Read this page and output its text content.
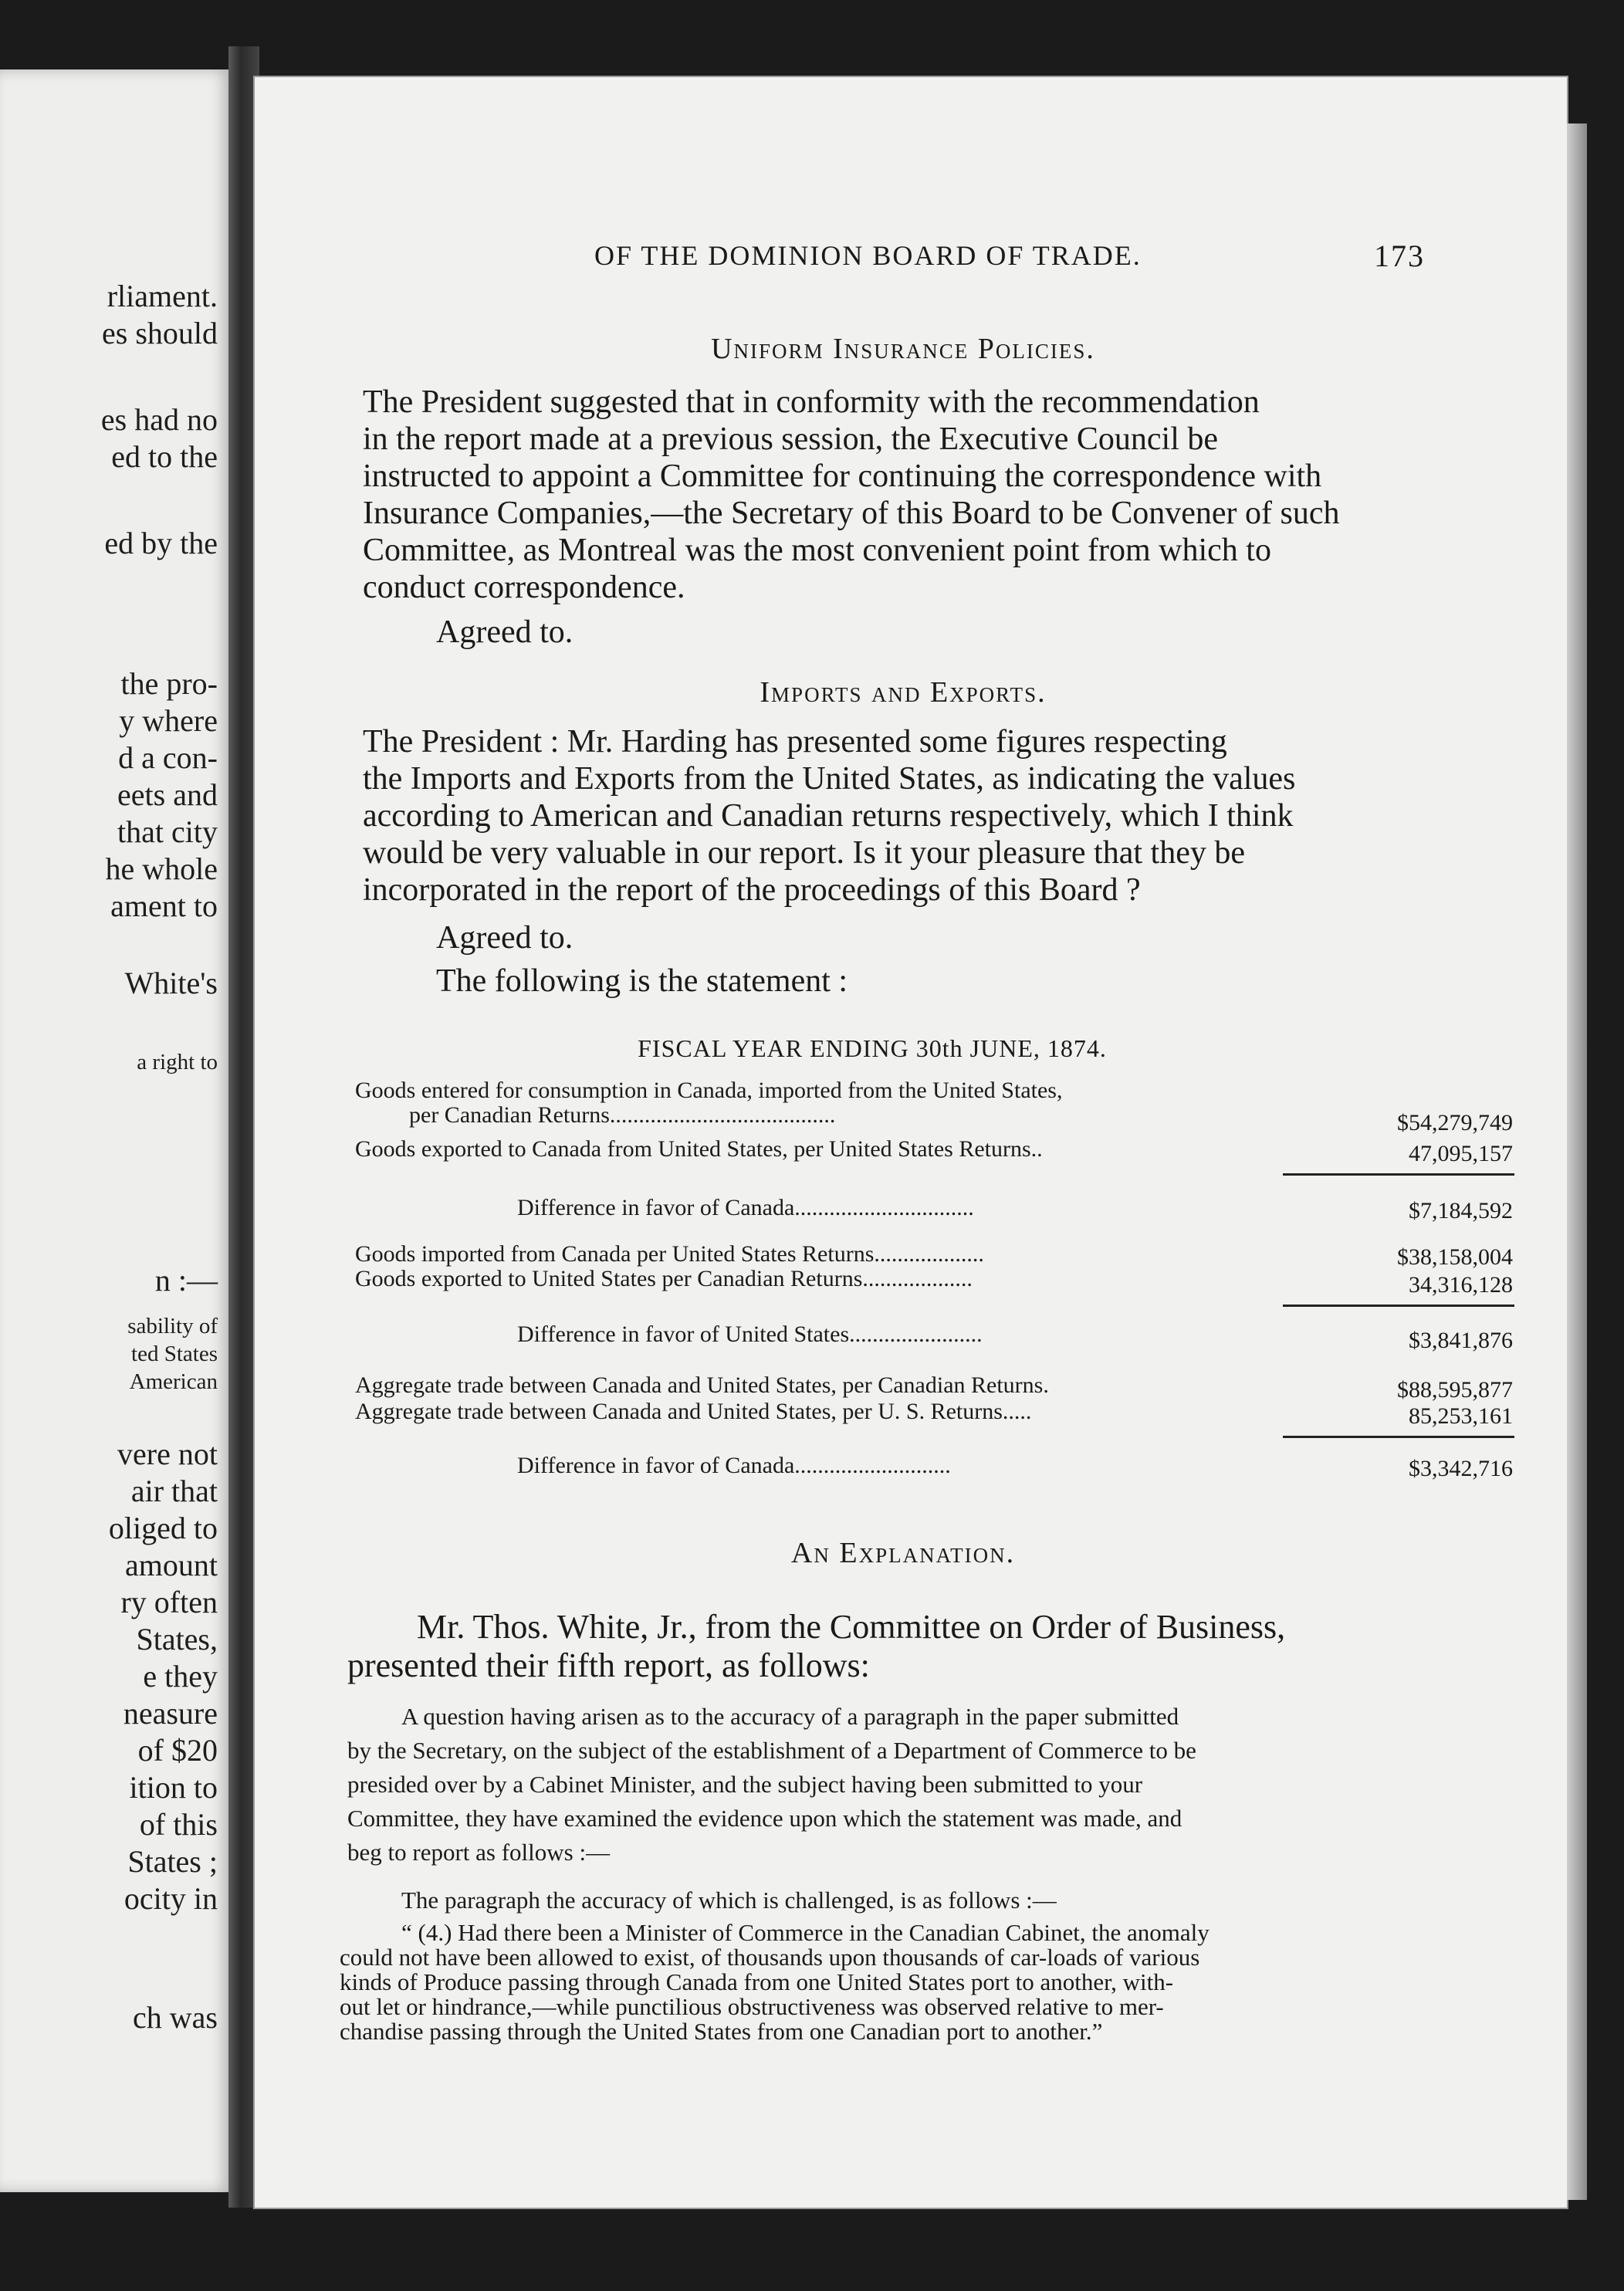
rliament.
es should
es had no
ed to the
ed by the
the pro-
y where
d a con-
eets and
that city
he whole
ament to
White's
a right to
n :—
sability of
ted States
American
vere not
air that
oliged to
amount
ry often
States,
e they
neasure
of $20
ition to
of this
States ;
ocity in
ch was
OF THE DOMINION BOARD OF TRADE.	173
Uniform Insurance Policies.
The President suggested that in conformity with the recommendation
in the report made at a previous session, the Executive Council be
instructed to appoint a Committee for continuing the correspondence with
Insurance Companies,—the Secretary of this Board to be Convener of such
Committee, as Montreal was the most convenient point from which to
conduct correspondence.
Agreed to.
Imports and Exports.
The President : Mr. Harding has presented some figures respecting
the Imports and Exports from the United States, as indicating the values
according to American and Canadian returns respectively, which I think
would be very valuable in our report. Is it your pleasure that they be
incorporated in the report of the proceedings of this Board ?
Agreed to.
The following is the statement :
FISCAL YEAR ENDING 30th JUNE, 1874.
Goods entered for consumption in Canada, imported from the United States,
per Canadian Returns.......................................	$54,279,749
Goods exported to Canada from United States, per United States Returns..	47,095,157
Difference in favor of Canada...............................	$7,184,592
Goods imported from Canada per United States Returns...................	$38,158,004
Goods exported to United States per Canadian Returns...................	34,316,128
Difference in favor of United States.......................	$3,841,876
Aggregate trade between Canada and United States, per Canadian Returns.	$88,595,877
Aggregate trade between Canada and United States, per U. S. Returns.....	85,253,161
Difference in favor of Canada...........................	$3,342,716
An Explanation.
Mr. Thos. White, Jr., from the Committee on Order of Business,
presented their fifth report, as follows:
A question having arisen as to the accuracy of a paragraph in the paper submitted
by the Secretary, on the subject of the establishment of a Department of Commerce to be
presided over by a Cabinet Minister, and the subject having been submitted to your
Committee, they have examined the evidence upon which the statement was made, and
beg to report as follows :—
The paragraph the accuracy of which is challenged, is as follows :—
“ (4.) Had there been a Minister of Commerce in the Canadian Cabinet, the anomaly
could not have been allowed to exist, of thousands upon thousands of car-loads of various
kinds of Produce passing through Canada from one United States port to another, with-
out let or hindrance,—while punctilious obstructiveness was observed relative to mer-
chandise passing through the United States from one Canadian port to another.”
